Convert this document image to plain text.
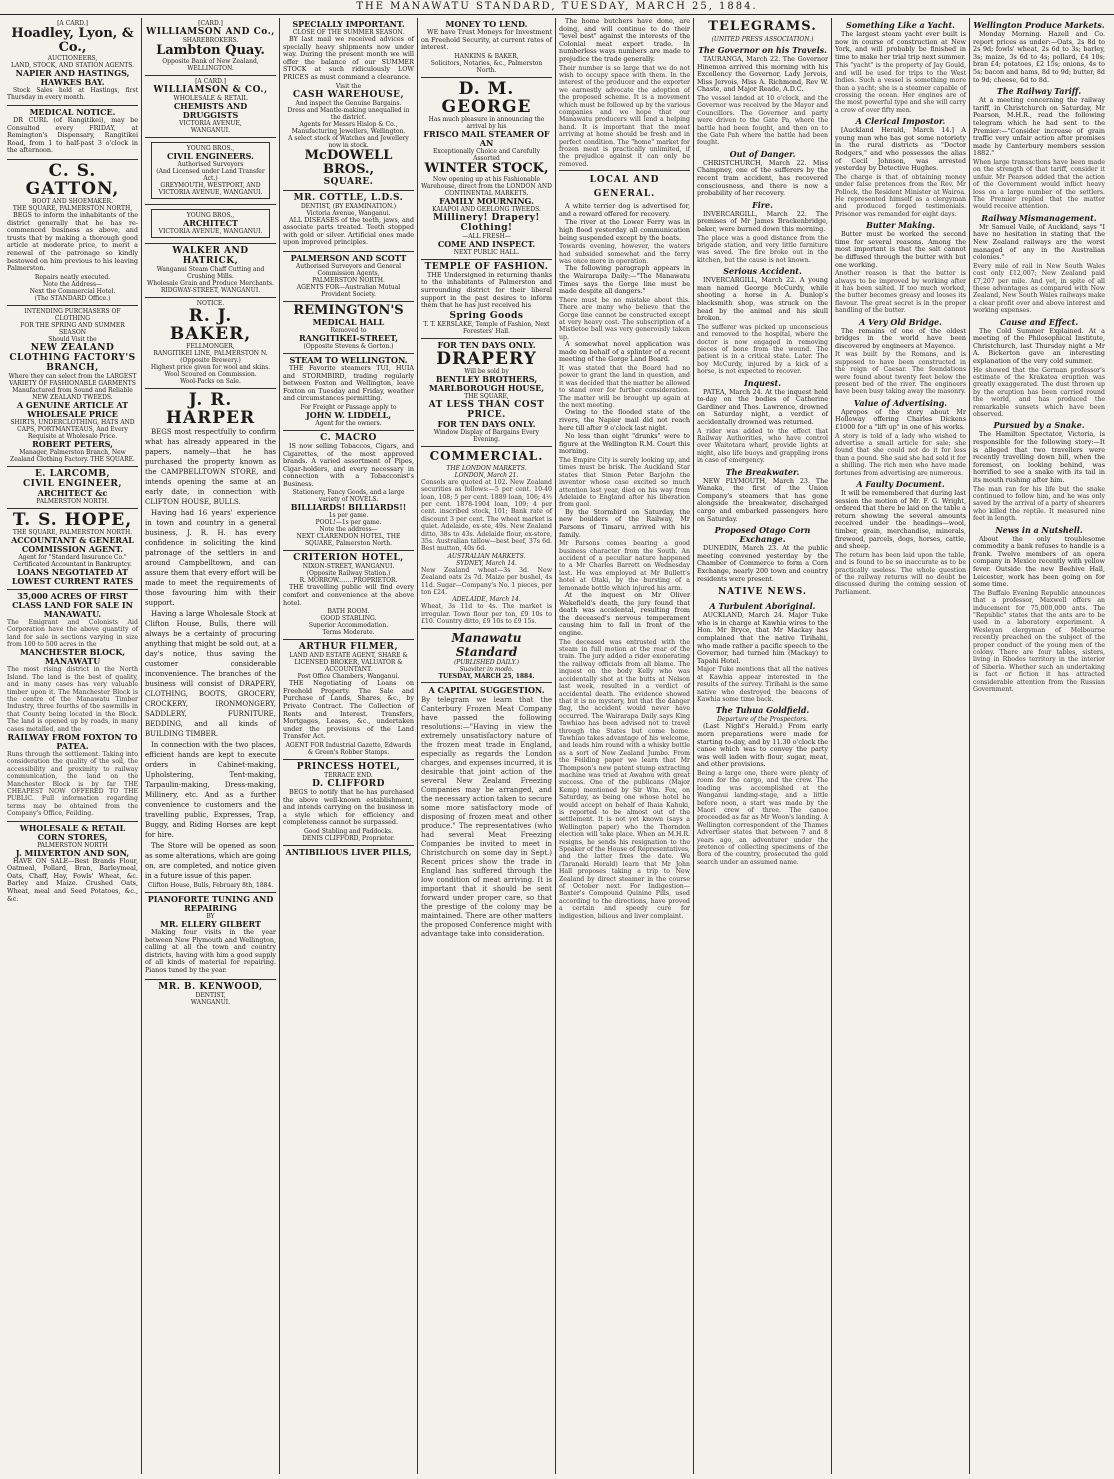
THE MANAWATU STANDARD, TUESDAY, MARCH 25, 1884.
[A CARD.]
Hoadley, Lyon, & Co.,
AUCTIONEERS,
LAND, STOCK, AND STATION AGENTS.
NAPIER AND HASTINGS,
HAWKES BAY.
Stock Sales held at Hastings, first Thursday in every month.
MEDICAL NOTICE.
DR CURL (of Rangitikei), may be Consulted every FRIDAY, at Remington's Dispensary, Rangitikei Road, from 1 to half-past 3 o'clock in the afternoon.
C. S. GATTON,
BOOT AND SHOEMAKER.
THE SQUARE, PALMERSTON NORTH,
BEGS to inform the inhabitants of the district generally that he has re-commenced business as above, and trusts that by making a thorough good article at moderate price, to merit a renewal of the patronage so kindly bestowed on him previous to his leaving Palmerston.
Repairs neatly executed.
Note the Address—
Next the Commercial Hotel.
(The STANDARD Office.)
INTENDING PURCHASERS OF CLOTHING
FOR THE SPRING AND SUMMER SEASON
Should Visit the
NEW ZEALAND CLOTHING FACTORY'S BRANCH,
Where they can select from the LARGEST VARIETY OF FASHIONABLE GARMENTS
Manufactured from Sound and Reliable NEW ZEALAND TWEEDS.
A GENUINE ARTICLE AT WHOLESALE PRICE
SHIRTS, UNDERCLOTHING, HATS AND CAPS, PORTMANTEAUS, And Every Requisite at Wholesale Price.
ROBERT PETERS,
Manager, Palmerston Branch, New Zealand Clothing Factory. THE SQUARE.
E. LARCOMB,
CIVIL ENGINEER,
ARCHITECT &c
PALMERSTON NORTH.
T. S. HOPE,
THE SQUARE, PALMERSTON NORTH.
ACCOUNTANT & GENERAL COMMISSION AGENT.
Agent for "Standard Insurance Co."
Certificated Accountant in Bankruptcy.
LOANS NEGOTIATED AT LOWEST CURRENT RATES
35,000 ACRES OF FIRST CLASS LAND FOR SALE IN MANAWATU.
The Emigrant and Colonists Aid Corporation have the above quantity of land for sale in sections varying in size from 100 to 500 acres in the
MANCHESTER BLOCK, MANAWATU
The most rising district in the North Island. The land is the best of quality, and in many cases has very valuable timber upon it. The Manchester Block is the centre of the Manawatu Timber Industry, three fourths of the sawmills in that County being located in the Block. The land is opened up by roads, in many cases metalled, and the
RAILWAY FROM FOXTON TO PATEA.
Runs through the settlement. Taking into consideration the quality of the soil, the accessibility and proximity to railway communication, the land on the Manchester Block is by far THE CHEAPEST NOW OFFERED TO THE PUBLIC. Full information regarding terms may be obtained from the Company's Office, Feilding.
WHOLESALE & RETAIL CORN STORES,
PALMERSTON NORTH
J. MILVERTON AND SON,
HAVE ON SALE—Best Brands Flour, Oatmeal, Pollard, Bran, Barleymeal, Oats, Chaff, Hay, Fowls' Wheat, &c. Barley and Maize. Crushed Oats, Wheat, meal and Seed Potatoes, &c., &c.
[CARD.]
WILLIAMSON AND Co.,
SHAREBROKERS.
Lambton Quay.
Opposite Bank of New Zealand, WELLINGTON.
[A CARD.]
WILLIAMSON & CO.,
WHOLESALE & RETAIL
CHEMISTS AND DRUGGISTS
VICTORIA AVENUE,
WANGANUI.
YOUNG BROS.,
CIVIL ENGINEERS.
Authorised Surveyors
(And Licensed under Land Transfer Act.)
GREYMOUTH, WESTPORT, AND VICTORIA AVENUE, WANGANUI.
YOUNG BROS.,
ARCHITECT
VICTORIA AVENUE, WANGANUI.
WALKER AND HATRICK,
Wanganui Steam Chaff Cutting and Crushing Mills.
Wholesale Grain and Produce Merchants.
RIDGWAY-STREET, WANGANUI.
NOTICE.
R. J. BAKER,
FELLMONGER,
RANGITIKEI LINE, PALMERSTON N. (Opposite Brewery.)
Highest price given for wool and skins.
Wool Scoured on Commission.
Wool-Packs on Sale.
J. R. HARPER
BEGS most respectfully to confirm what has already appeared in the papers, namely—that he has purchased the property known as the CAMPBELLTOWN STORE, and intends opening the same at an early date, in connection with CLIFTON HOUSE, BULLS.
Having had 16 years' experience in town and country in a general business, J. R. H. has every confidence in soliciting the kind patronage of the settlers in and around Campbelltown, and can assure them that every effort will be made to meet the requirements of those favouring him with their support.
Having a large Wholesale Stock at Clifton House, Bulls, there will always be a certainty of procuring anything that might be sold out, at a day's notice, thus saving the customer considerable inconvenience. The branches of the business will consist of DRAPERY, CLOTHING, BOOTS, GROCERY, CROCKERY, IRONMONGERY, SADDLERY, FURNITURE, BEDDING, and all kinds of BUILDING TIMBER.
In connection with the two places, efficient hands are kept to execute orders in Cabinet-making, Upholstering, Tent-making, Tarpaulin-making, Dress-making, Millinery, etc. And as a further convenience to customers and the travelling public, Expresses, Trap, Buggy, and Riding Horses are kept for hire.
The Store will be opened as soon as some alterations, which are going on, are completed, and notice given in a future issue of this paper.
Clifton House, Bulls, February 8th, 1884.
PIANOFORTE TUNING AND REPAIRING
BY
MR. ELLERY GILBERT
Making four visits in the year between New Plymouth and Wellington, calling at all the town and country districts, having with him a good supply of all kinds of material for repairing. Pianos tuned by the year.
MR. B. KENWOOD,
DENTIST,
WANGANUI.
SPECIALLY IMPORTANT.
CLOSE OF THE SUMMER SEASON.
BY last mail we received advices of specially heavy shipments now under way. During the present month we will offer the balance of our SUMMER STOCK at such ridiculously LOW PRICES as must command a clearance.
Visit the
CASH WAREHOUSE,
And inspect the Genuine Bargains.
Dress and Mantle-making unequalled in the district.
Agents for Messrs Hislop & Co., Manufacturing Jewellers, Wellington.
A select stock of Watches and Jewellery now in stock.
McDOWELL BROS.,
SQUARE.
MR. COTTLE, L.D.S.
DENTIST, (BY EXAMINATION.)
Victoria Avenue, Wanganui.
ALL DISEASES of the teeth, jaws, and associate parts treated. Teeth stopped with gold or silver. Artificial ones made upon improved principles.
PALMERSON AND SCOTT
Authorised Surveyors and General Commission Agents,
PALMERSTON NORTH.
AGENTS FOR—Australian Mutual Provident Society.
REMINGTON'S
MEDICAL HALL
Removed to
RANGITIKEI-STREET,
(Opposite Stevens & Gorton.)
STEAM TO WELLINGTON.
THE Favorite steamers TUI, HUIA and STORMBIRD, trading regularly between Foxton and Wellington, leave Foxton on Tuesday and Friday, weather and circumstances permitting.
For Freight or Passage apply to
JOHN W. LIDDELL,
Agent for the owners.
C. MACRO
IS now selling Tobaccos, Cigars, and Cigarettes, of the most approved brands. A varied assortment of Pipes, Cigar-holders, and every necessary in connection with a Tobacconist's Business.
Stationery, Fancy Goods, and a large variety of NOVELS.
BILLIARDS! BILLIARDS!!
1s per game.
POOL!—1s per game.
Note the address—
NEXT CLARENDON HOTEL, THE SQUARE, Palmerston North.
CRITERION HOTEL,
NIXON-STREET, WANGANUI.
(Opposite Railway Station.)
R. MORROW........PROPRIETOR.
THE travelling public will find every comfort and convenience at the above hotel.
BATH ROOM.
GOOD STABLING.
Superior Accommodation.
Terms Moderate.
ARTHUR FILMER,
LAND AND ESTATE AGENT, SHARE & LICENSED BROKER, VALUATOR & ACCOUNTANT.
Post Office Chambers, Wanganui.
THE Negotiating of Loans on Freehold Property. The Sale and Purchase of Lands, Shares, &c., by Private Contract. The Collection of Rents and Interest. Transfers, Mortgages, Leases, &c., undertaken under the provisions of the Land Transfer Act.
AGENT FOR Industrial Gazette, Edwards & Green's Robber Stamps.
PRINCESS HOTEL,
TERRACE END.
D. CLIFFORD
BEGS to notify that he has purchased the above well-known establishment, and intends carrying on the business in a style which for efficiency and completeness cannot be surpassed.
Good Stabling and Paddocks.
DENIS CLIFFORD, Proprietor.
ANTIBILIOUS LIVER PILLS,
MONEY TO LEND.
WE have Trust Moneys for Investment on Freehold Security, at current rates of interest.
HANKINS & BAKER,
Solicitors, Notaries, &c., Palmerston North.
D. M. GEORGE
Has much pleasure in announcing the arrival by his
FRISCO MAIL STEAMER OF AN
Exceptionally Choice and Carefully Assorted
WINTER STOCK,
Now opening up at his Fashionable Warehouse, direct from the LONDON AND CONTINENTAL MARKETS.
FAMILY MOURNING.
KAIAPOI AND GEELONG TWEEDS.
Millinery! Drapery! Clothing!
—ALL FRESH—
COME AND INSPECT.
NEXT PUBLIC HALL.
TEMPLE OF FASHION.
THE Undersigned in returning thanks to the inhabitants of Palmerston and surrounding district for their liberal support in the past desires to inform them that he has just received his
Spring Goods
T. T. KERSLAKE, Temple of Fashion, Next Foresters' Hall.
FOR TEN DAYS ONLY.
DRAPERY
Will be sold by
BENTLEY BROTHERS,
MARLBOROUGH HOUSE,
THE SQUARE,
AT LESS THAN COST PRICE.
FOR TEN DAYS ONLY.
Window Display of Bargains Every Evening.
COMMERCIAL.
THE LONDON MARKETS.
LONDON, March 21.
Consols are quoted at 102. New Zealand securities as follows:—5 per cent. 10-40 loan, 108; 5 per cent. 1889 loan, 106; 4½ per cent. 1878-1904 loan, 109; 4 per cent. inscribed stock, 101; Bank rate of discount 3 per cent. The wheat market is quiet. Adelaide, ex-ste, 49s. New Zealand ditto, 38s to 43s. Adelaide flour, ex-store, 35s. Australian tallow—best beef, 37s 6d. Best mutton, 40s 6d.
AUSTRALIAN MARKETS.
SYDNEY, March 14.
New Zealand wheat—3s 3d. New Zealand oats 2s 7d. Maize per bushel, 4s 11d. Sugar—Company's No. 1 pieces, per ton £24.
ADELAIDE, March 14.
Wheat, 3s 11d to 4s. The market is irregular. Town flour per ton, £9 10s to £10. Country ditto, £9 10s to £9 15s.
Manawatu Standard
(PUBLISHED DAILY.)
Suaviter in modo.
TUESDAY, MARCH 25, 1884.
A CAPITAL SUGGESTION.
By telegram we learn that the Canterbury Frozen Meat Company have passed the following resolutions:—"Having in view the extremely unsatisfactory nature of the frozen meat trade in England, especially as regards the London charges, and expenses incurred, it is desirable that joint action of the several New Zealand Freezing Companies may be arranged, and the necessary action taken to secure some more satisfactory mode of disposing of frozen meat and other produce." The representatives (who had several Meat Freezing Companies be invited to meet in Christchurch on some day in Sept.) Recent prices show the trade in England has suffered through the low condition of meat arriving. It is important that it should be sent forward under proper care, so that the prestige of the colony may be maintained. There are other matters the proposed Conference might with advantage take into consideration.
The home butchers have done, are doing, and will continue to do their "level best" against the interests of the Colonial meat export trade. In numberless ways numbers are made to prejudice the trade generally.
Their number is so large that we do not wish to occupy space with them. In the interest of the producer and the exporter we earnestly advocate the adoption of the proposed scheme. It is a movement which must be followed up by the various companies and we hope that our Manawatu producers will lend a helping hand. It is important that the meat arriving at home should be fresh and in perfect condition. The "home" market for frozen meat is practically unlimited, if the prejudice against it can only be removed.
LOCAL AND GENERAL.
A white terrier dog is advertised for, and a reward offered for recovery.
The river at the Lower Ferry was in high flood yesterday all communication being suspended except by the boats.
Towards evening, however, the waters had subsided somewhat and the ferry was once more in operation.
The following paragraph appears in the Wairarapa Daily:—"The Manawatu Times says the Gorge line must be made despite all dangers."
There must be no mistake about this. There are many who believe that the Gorge line cannot be constructed except at very heavy cost. The subscription of a Mistletoe ball was very generously taken up.
A somewhat novel application was made on behalf of a splinter of a recent meeting of the Gorge Land Board.
It was stated that the Board had no power to grant the land in question, and it was decided that the matter be allowed to stand over for further consideration. The matter will be brought up again at the next meeting.
Owing to the flooded state of the rivers, the Napier mail did not reach here till after 9 o'clock last night.
No less than eight "drunks" were to figure at the Wellington R.M. Court this morning.
The Empire City is surely looking up, and times must be brisk. The Auckland Star states that Simon Peter Barjohn the inventor whose case excited so much attention last year, died on his way from Adelaide to England after his liberation from gaol.
By the Stormbird on Saturday, the new boulders of the Railway, Mr Parsons of Timaru, arrived with his family.
Mr Parsons comes bearing a good business character from the South. An accident of a peculiar nature happened to a Mr Charles Barrett on Wednesday last. He was employed at Mr Bullett's hotel at Otaki, by the bursting of a lemonade bottle which injured his arm.
At the inquest on Mr Oliver Wakefield's death, the jury found that death was accidental, resulting from the deceased's nervous temperament causing him to fall in front of the engine.
The deceased was entrusted with the steam in full motion at the rear of the train. The jury added a rider exonerating the railway officials from all blame. The inquest on the body Kelly who was accidentally shot at the butts at Nelson last week, resulted in a verdict of accidental death. The evidence showed that it is no mystery, but that the danger flag, the accident would never have occurred. The Wairarapa Daily says King Tawhiao has been advised not to travel through the States but come home. Tawhiao takes advantage of his welcome, and leads him round with a whisky bottle as a sort of New Zealand Jumbo. From the Feilding paper we learn that Mr Thompson's new patent stump extracting machine was tried at Awahou with great success. One of the publicans (Major Kemp) mentioned by Sir Wm. Fox, on Saturday, as being one whose hotel he would accept on behalf of Ihaia Kahuki, is reported to be almost out of the settlement. It is not yet known (says a Wellington paper) who the Thorndon election will take place. When an M.H.R. resigns, he sends his resignation to the Speaker of the House of Representatives, and the latter fixes the date. We (Taranaki Herald) learn that Mr John Hall proposes taking a trip to New Zealand by direct steamer in the course of October next. For Indigestion—Baxter's Compound Quinine Pills, used according to the directions, have proved a certain and speedy cure for indigestion, bilious and liver complaint.
TELEGRAMS.
(UNITED PRESS ASSOCIATION.)
The Governor on his Travels.
TAURANGA, March 22. The Governor Hinemoa arrived this morning with his Excellency the Governor, Lady Jervois, Miss Jervois, Miss A. Richmond, Rev W. Chaste, and Major Reade, A.D.C.
The vessel landed at 10 o'clock, and the Governor was received by the Mayor and Councillors. The Governor and party were driven to the Gate Pa, where the battle had been fought, and then on to the Gate Pah where the battle had been fought.
Out of Danger.
CHRISTCHURCH, March 22. Miss Champney, one of the sufferers by the recent tram accident, has recovered consciousness, and there is now a probability of her recovery.
Fire.
INVERCARGILL, March 22. The premises of Mr James Brackenbridge, baker, were burned down this morning.
The place was a good distance from the brigade station, and very little furniture was saved. The fire broke out in the kitchen, but the cause is not known.
Serious Accident.
INVERCARGILL, March 22. A young man named George McCurdy, while shooting a horse in A. Dunlop's blacksmith shop, was struck on the head by the animal and his skull broken.
The sufferer was picked up unconscious and removed to the hospital, where the doctor is now engaged in removing pieces of bone from the wound. The patient is in a critical state. Later. The boy McCurdy, injured by a kick of a horse, is not expected to recover.
Inquest.
PATEA, March 24. At the inquest held to-day on the bodies of Catherine Gardiner and Thos. Lawrence, drowned on Saturday night, a verdict of accidentally drowned was returned.
A rider was added to the effect that Railway Authorities, who have control over Waitotara wharf, provide lights at night, also life buoys and grappling irons in case of emergency.
The Breakwater.
NEW PLYMOUTH, March 23. The Wanaka, the first of the Union Company's steamers that has gone alongside the breakwater, discharged cargo and embarked passengers here on Saturday.
Proposed Otago Corn Exchange.
DUNEDIN, March 23. At the public meeting convened yesterday by the Chamber of Commerce to form a Corn Exchange, nearly 200 town and country residents were present.
NATIVE NEWS.
A Turbulent Aboriginal.
AUCKLAND, March 24. Major Tuke who is in charge at Kawhia wires to the Hon. Mr Bryce, that Mr Mackay has complained that the native Tirihahi, who made rather a pacific speech to the Governor, had turned him (Mackay) to Tapahi Hotel.
Major Tuke mentions that all the natives at Kawhia appear interested in the results of the survey. Tirihahi is the same native who destroyed the beacons of Kawhia some time back.
The Tuhua Goldfield.
Departure of the Prospectors.
(Last Night's Herald.) From early morn preparations were made for starting to-day, and by 11.30 o'clock the canoe which was to convey the party was well laden with flour, sugar, meat, and other provisions.
Being a large one, there were plenty of room for the cargo, and the crew. The loading was accomplished at the Wanganui landing-stage, and a little before noon, a start was made by the Maori crew of three. The canoe proceeded as far as Mr Woon's landing. A Wellington correspondent of the Thames Advertiser states that between 7 and 8 years ago, an adventurer under the pretence of collecting specimens of the flora of the country, prosecuted the gold search under an assumed name.
Something Like a Yacht.
The largest steam yacht ever built is now in course of construction at New York, and will probably be finished in time to make her trial trip next summer.
This "yacht" is the property of Jay Gould, and will be used for trips to the West Indies. Such a vessel is something more than a yacht; she is a steamer capable of crossing the ocean. Her engines are of the most powerful type and she will carry a crew of over fifty men.
A Clerical Impostor.
[Auckland Herald, March 14.] A young man who has got some notoriety in the rural districts as "Doctor Rodgers," and who possesses the alias of Cecil Johnson, was arrested yesterday by Detective Hughes.
The charge is that of obtaining money under false pretences from the Rev. Mr Pollock, the Resident Minister at Wairoa. He represented himself as a clergyman and produced forged testimonials. Prisoner was remanded for eight days.
Butter Making.
Butter must be worked the second time for several reasons. Among the most important is that the salt cannot be diffused through the butter with but one working.
Another reason is that the butter is always to be improved by working after it has been salted. If too much worked, the butter becomes greasy and looses its flavour. The great secret is in the proper handling of the butter.
A Very Old Bridge.
The remains of one of the oldest bridges in the world have been discovered by engineers at Mayence.
It was built by the Romans, and is supposed to have been constructed in the reign of Caesar. The foundations were found about twenty feet below the present bed of the river. The engineers have been busy taking away the masonry.
Value of Advertising.
Apropos of the story about Mr Holloway offering Charles Dickens £1000 for a "lift up" in one of his works.
A story is told of a lady who wished to advertise a small article for sale; she found that she could not do it for less than a pound. She said she had sold it for a shilling. The rich men who have made fortunes from advertising are numerous.
A Faulty Document.
It will be remembered that during last session the motion of Mr. F. G. Wright, ordered that there be laid on the table a return showing the several amounts received under the headings—wool, timber, grain, merchandise, minerals, firewood, parcels, dogs, horses, cattle, and sheep.
The return has been laid upon the table, and is found to be so inaccurate as to be practically useless. The whole question of the railway returns will no doubt be discussed during the coming session of Parliament.
Wellington Produce Markets.
Monday Morning. Hazell and Co. report prices as under:—Oats, 2s 8d to 2s 9d; fowls' wheat, 2s 6d to 3s; barley, 3s; maize, 3s 6d to 4s; pollard, £4 10s; bran £4; potatoes, £2 15s; onions, 4s to 5s; bacon and hams, 8d to 9d; butter, 8d to 9d; cheese, 6d to 8d.
The Railway Tariff.
At a meeting concerning the railway tariff, in Christchurch on Saturday, Mr Pearson, M.H.R., read the following telegram which he had sent to the Premier:—"Consider increase of grain traffic very unfair action after promises made by Canterbury members session 1882."
When large transactions have been made on the strength of that tariff, consider it unfair. Mr Pearson added that the action of the Government would inflict heavy loss on a large number of the settlers. The Premier replied that the matter would receive attention.
Railway Mismanagement.
Mr Samuel Vaile, of Auckland, says "I have no hesitation in stating that the New Zealand railways are the worst managed of any in the Australian colonies."
Every mile of rail in New South Wales cost only £12,007; New Zealand paid £7,207 per mile. And yet, in spite of all these advantages as compared with New Zealand, New South Wales railways make a clear profit over and above interest and working expenses.
Cause and Effect.
The Cold Summer Explained. At a meeting of the Philosophical Institute, Christchurch, last Thursday night a Mr A. Bickerton gave an interesting explanation of the very cold summer.
He showed that the German professor's estimate of the Krakatoa eruption was greatly exaggerated. The dust thrown up by the eruption has been carried round the world, and has produced the remarkable sunsets which have been observed.
Pursued by a Snake.
The Hamilton Spectator, Victoria, is responsible for the following story:—It is alleged that two travellers were recently travelling down hill, when the foremost, on looking behind, was horrified to see a snake with its tail in its mouth rushing after him.
The man ran for his life but the snake continued to follow him, and he was only saved by the arrival of a party of shearers who killed the reptile. It measured nine feet in length.
News in a Nutshell.
About the only troublesome commodity a bank refuses to handle is a frank. Twelve members of an opera company in Mexico recently with yellow fever. Outside the new Beehive Hall, Leicester, work has been going on for some time.
The Buffalo Evening Republic announces that a professor, Maxwell offers an inducement for 75,000,000 ants. The "Republic" states that the ants are to be used in a laboratory experiment. A Wesleyan clergyman of Melbourne recently preached on the subject of the proper conduct of the young men of the colony. There are four tables, sisters, living in Rhodes territory in the interior of Siberia. Whether such an undertaking is fact or fiction it has attracted considerable attention from the Russian Government.
